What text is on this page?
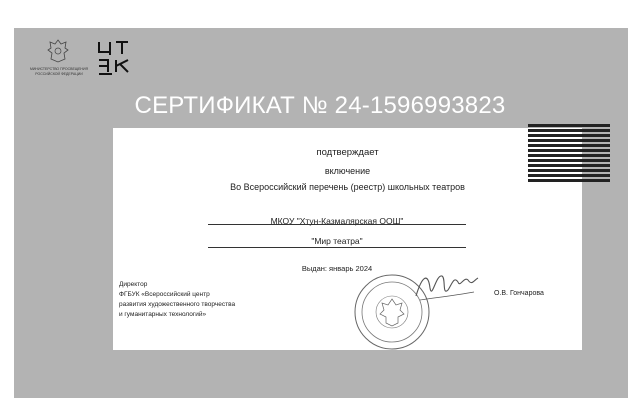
МИНИСТЕРСТВО ПРОСВЕЩЕНИЯ РОССИЙСКОЙ ФЕДЕРАЦИИ
СЕРТИФИКАТ № 24-1596993823
подтверждает
включение
Во Всероссийский перечень (реестр) школьных театров
МКОУ "Хтун-Казмалярская ООШ"
"Мир театра"
Выдан: январь 2024
Директор
ФГБУК «Всероссийский центр
развития художественного творчества
и гуманитарных технологий»
О.В. Гончарова
